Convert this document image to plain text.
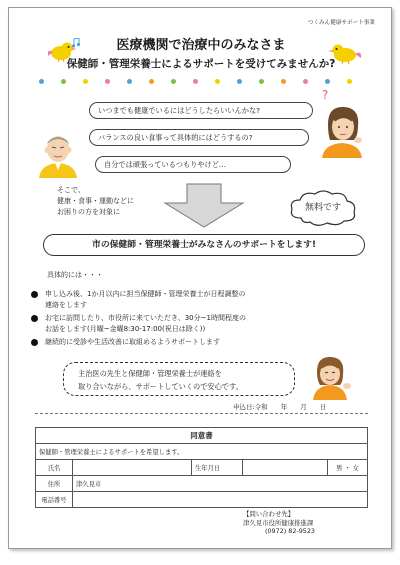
つくみん健康サポート事業
医療機関で治療中のみなさま
保健師・管理栄養士によるサポートを受けてみませんか?
いつまでも健康でいるにはどうしたらいいんかな?
バランスの良い食事って具体的にはどうするの?
自分では頑張っているつもりやけど…
?
そこで、
健康・食事・運動などに
お困りの方を対象に	無料です
市の保健師・管理栄養士がみなさんのサポートをします!
具体的には・・・
申し込み後、1か月以内に担当保健師・管理栄養士が日程調整の
連絡をします
お宅に訪問したり、市役所に来ていただき、30分~1時間程度の
お話をします(月曜~金曜8:30-17:00(祝日は除く))
継続的に受診や生活改善に取組めるようサポートします
主治医の先生と保健師・管理栄養士が連絡を
取り合いながら、サポートしていくので安心です。
申込日:令和　　年　　月　　日
同意書				
保健師・管理栄養士によるサポートを希望します。				
氏名		生年月日		男 ・ 女
住所	津久見市			
電話番号				
【問い合わせ先】
津久見市役所健康推進課
(0972) 82-9523
